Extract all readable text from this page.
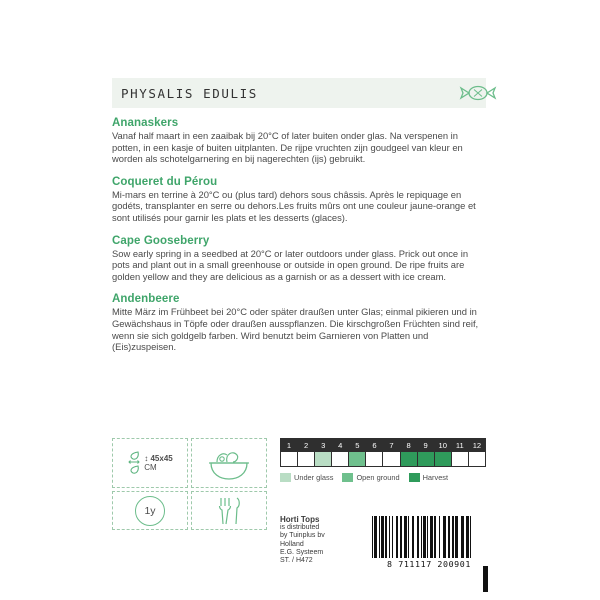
PHYSALIS EDULIS

Ananaskers

Vanaf half maart in een zaaibak bij 20°C of later buiten onder glas. Na verspenen in potten, in een kasje of buiten uitplanten. De rijpe vruchten zijn goudgeel van kleur en worden als schotelgarnering en bij nagerechten (ijs) gebruikt.

Coqueret du Pérou

Mi-mars en terrine à 20°C ou (plus tard) dehors sous châssis. Après le repiquage en godéts, transplanter en serre ou dehors.Les fruits mûrs ont une couleur jaune-orange et sont utilisés pour garnir les plats et les desserts (glaces).

Cape Gooseberry

Sow early spring in a seedbed at 20°C or later outdoors under glass. Prick out once in pots and plant out in a small greenhouse or outside in open ground. De ripe fruits are golden yellow and they are delicious as a garnish or as a dessert with ice cream.

Andenbeere

Mitte März im Frühbeet bei 20°C oder später draußen unter Glas; einmal pikieren und in Gewächshaus in Töpfe oder draußen ausspflanzen. Die kirschgroßen Früchten sind reif, wenn sie sich goldgelb farben. Wird benutzt beim Garnieren von Platten und (Eis)zuspeisen.

↕ 45x45
CM
1y
1	2	3	4	5	6	7	8	9	10	11	12

Under glass	Open ground	Harvest
Horti Tops
is distributed
by Tuinplus bv
Holland
E.G. Systeem
ST. / H472	8 711117 200901
